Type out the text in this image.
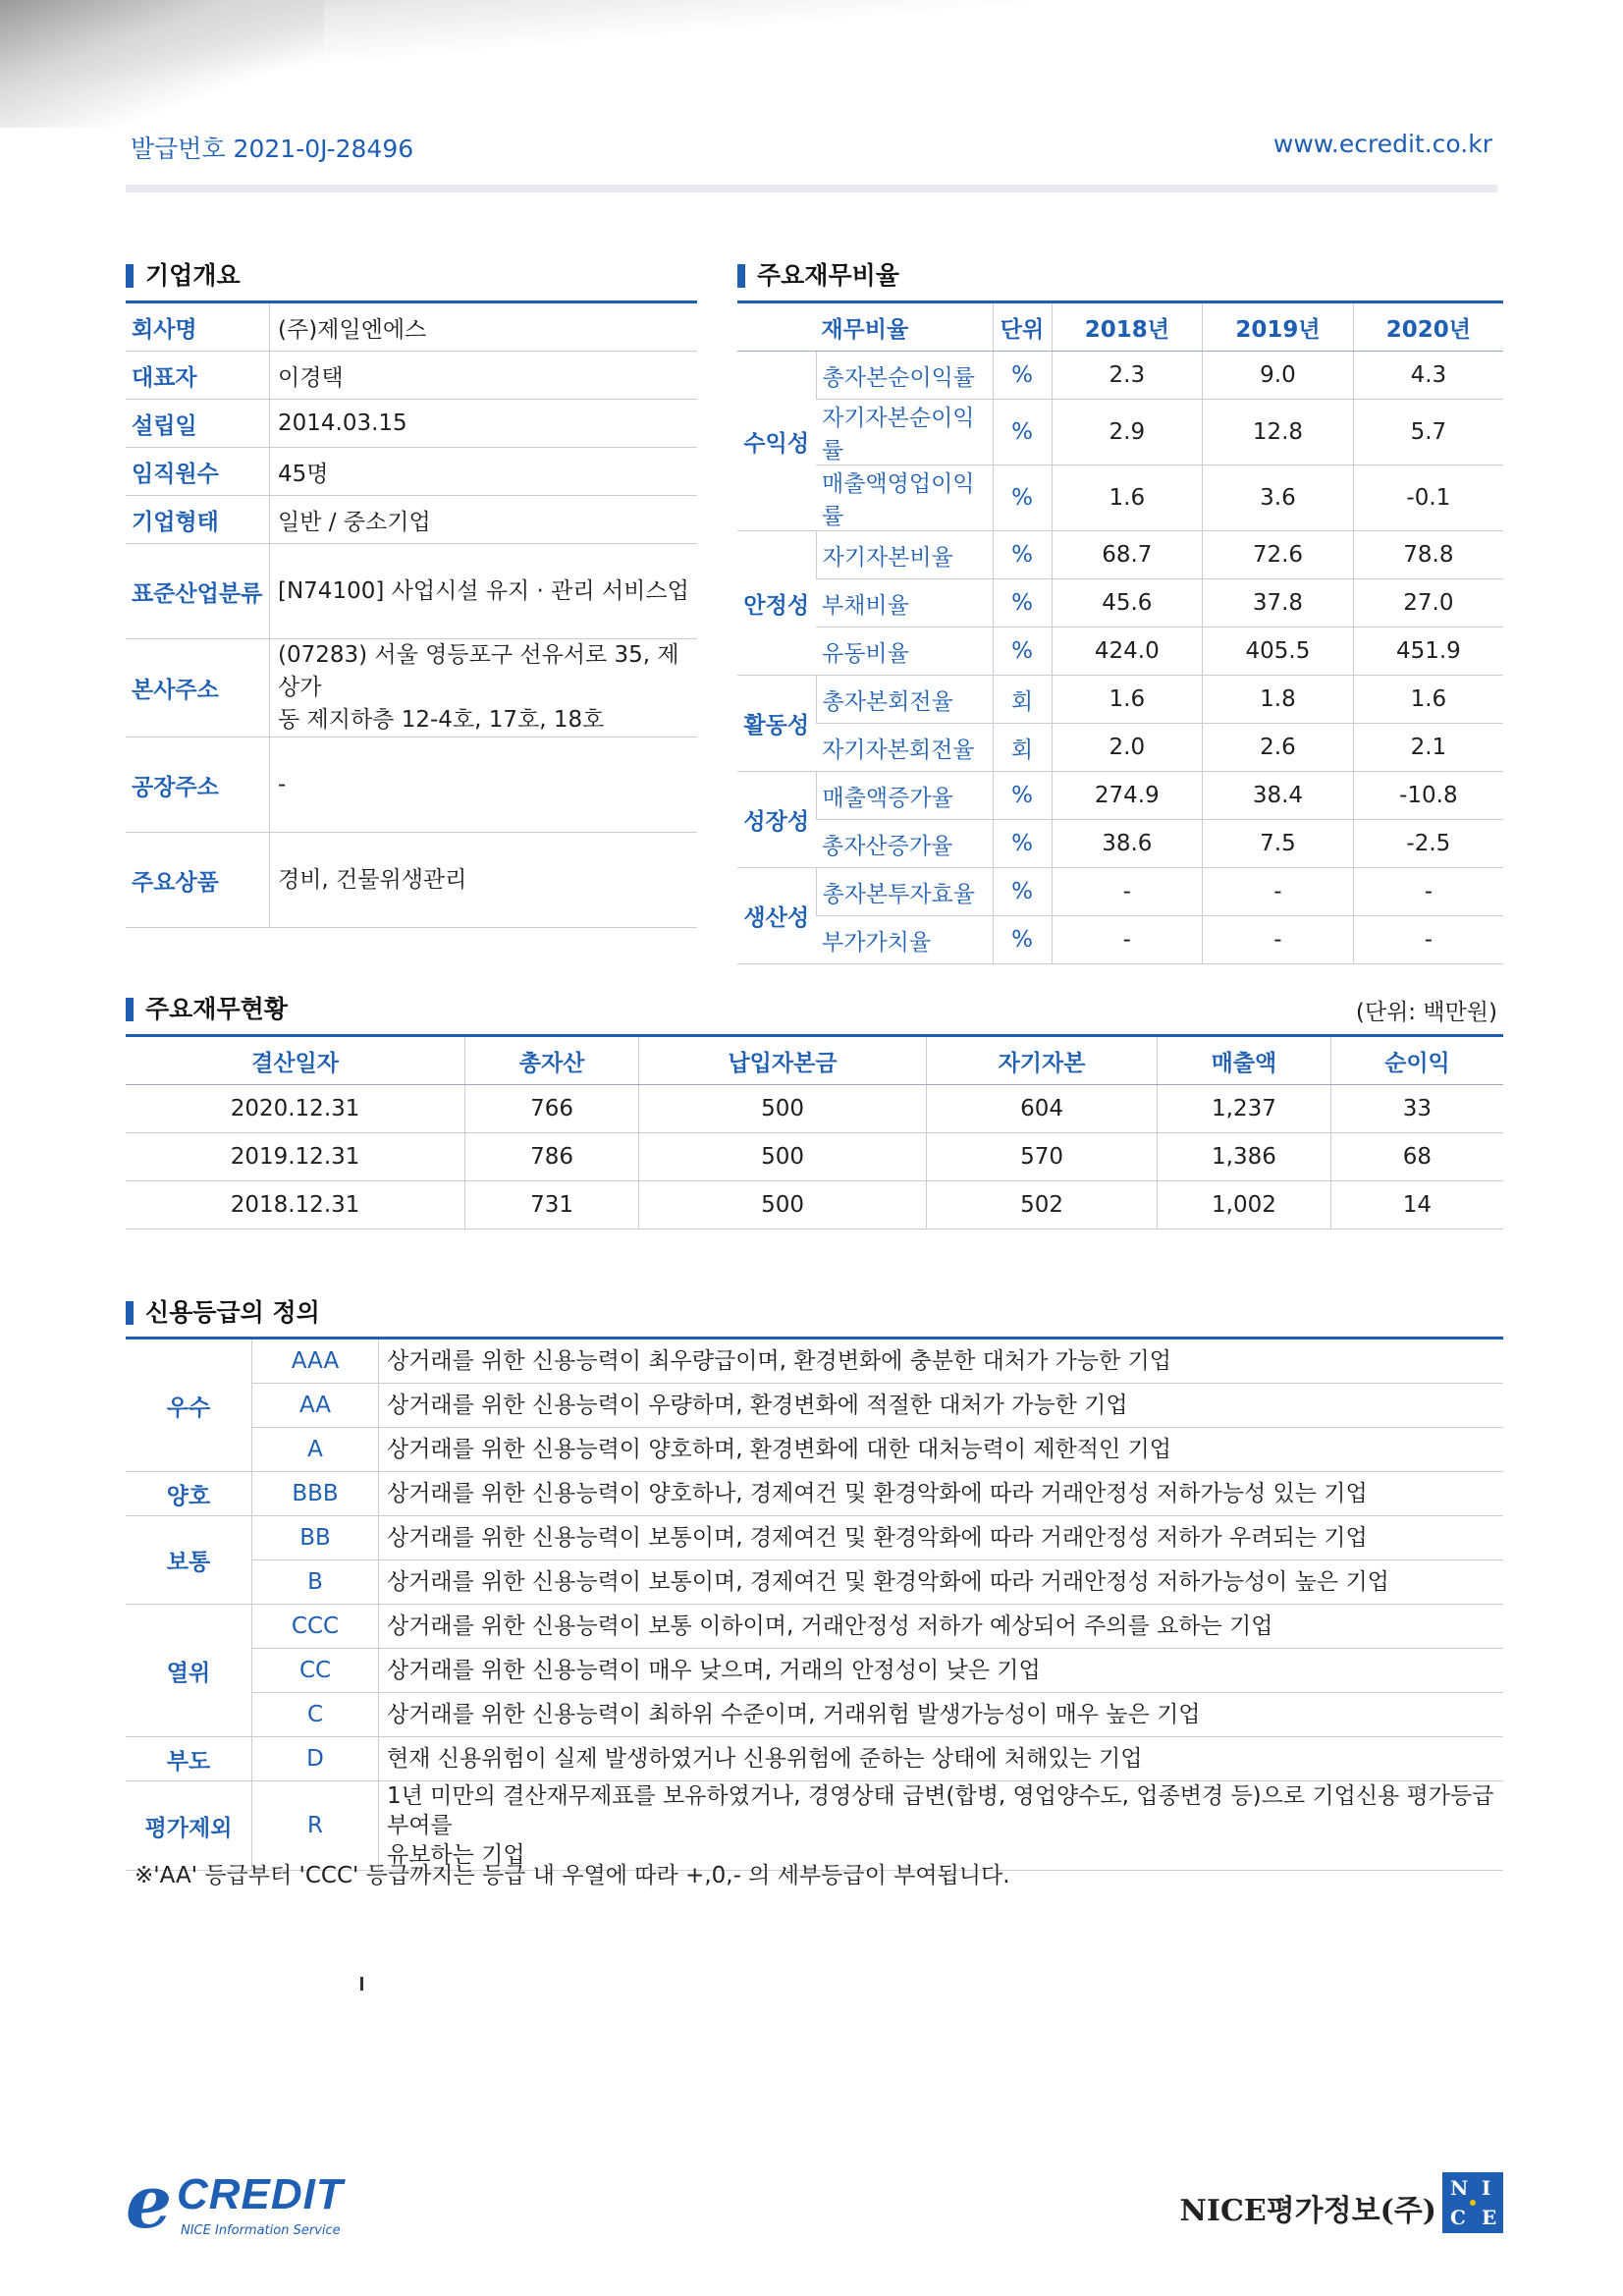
발급번호 2021-0J-28496	www.ecredit.co.kr
기업개요
회사명	(주)제일엔에스
대표자	이경택
설립일	2014.03.15
임직원수	45명
기업형태	일반 / 중소기업
표준산업분류	[N74100] 사업시설 유지 · 관리 서비스업
본사주소	(07283) 서울 영등포구 선유서로 35, 제상가
동 제지하층 12-4호, 17호, 18호

공장주소	-
주요상품	경비, 건물위생관리
주요재무비율
재무비율		단위	2018년	2019년	2020년
수익성	총자본순이익률	%	2.3	9.0	4.3
	자기자본순이익률	%	2.9	12.8	5.7
	매출액영업이익률	%	1.6	3.6	-0.1
안정성	자기자본비율	%	68.7	72.6	78.8
	부채비율	%	45.6	37.8	27.0
	유동비율	%	424.0	405.5	451.9
활동성	총자본회전율	회	1.6	1.8	1.6
	자기자본회전율	회	2.0	2.6	2.1
성장성	매출액증가율	%	274.9	38.4	-10.8
	총자산증가율	%	38.6	7.5	-2.5
생산성	총자본투자효율	%	-	-	-
	부가가치율	%	-	-	-
주요재무현황	(단위: 백만원)
결산일자	총자산	납입자본금	자기자본	매출액	순이익
2020.12.31	766	500	604	1,237	33
2019.12.31	786	500	570	1,386	68
2018.12.31	731	500	502	1,002	14
신용등급의 정의
우수	AAA	상거래를 위한 신용능력이 최우량급이며, 환경변화에 충분한 대처가 가능한 기업
	AA	상거래를 위한 신용능력이 우량하며, 환경변화에 적절한 대처가 가능한 기업
	A	상거래를 위한 신용능력이 양호하며, 환경변화에 대한 대처능력이 제한적인 기업
양호	BBB	상거래를 위한 신용능력이 양호하나, 경제여건 및 환경악화에 따라 거래안정성 저하가능성 있는 기업
보통	BB	상거래를 위한 신용능력이 보통이며, 경제여건 및 환경악화에 따라 거래안정성 저하가 우려되는 기업
	B	상거래를 위한 신용능력이 보통이며, 경제여건 및 환경악화에 따라 거래안정성 저하가능성이 높은 기업
열위	CCC	상거래를 위한 신용능력이 보통 이하이며, 거래안정성 저하가 예상되어 주의를 요하는 기업
	CC	상거래를 위한 신용능력이 매우 낮으며, 거래의 안정성이 낮은 기업
	C	상거래를 위한 신용능력이 최하위 수준이며, 거래위험 발생가능성이 매우 높은 기업
부도	D	현재 신용위험이 실제 발생하였거나 신용위험에 준하는 상태에 처해있는 기업
평가제외	R	1년 미만의 결산재무제표를 보유하였거나, 경영상태 급변(합병, 영업양수도, 업종변경 등)으로 기업신용 평가등급 부여를
유보하는 기업
※'AA' 등급부터 'CCC' 등급까지는 등급 내 우열에 따라 +,0,- 의 세부등급이 부여됩니다.
e CREDIT
NICE Information Service
NICE평가정보(주)
N I
C E
